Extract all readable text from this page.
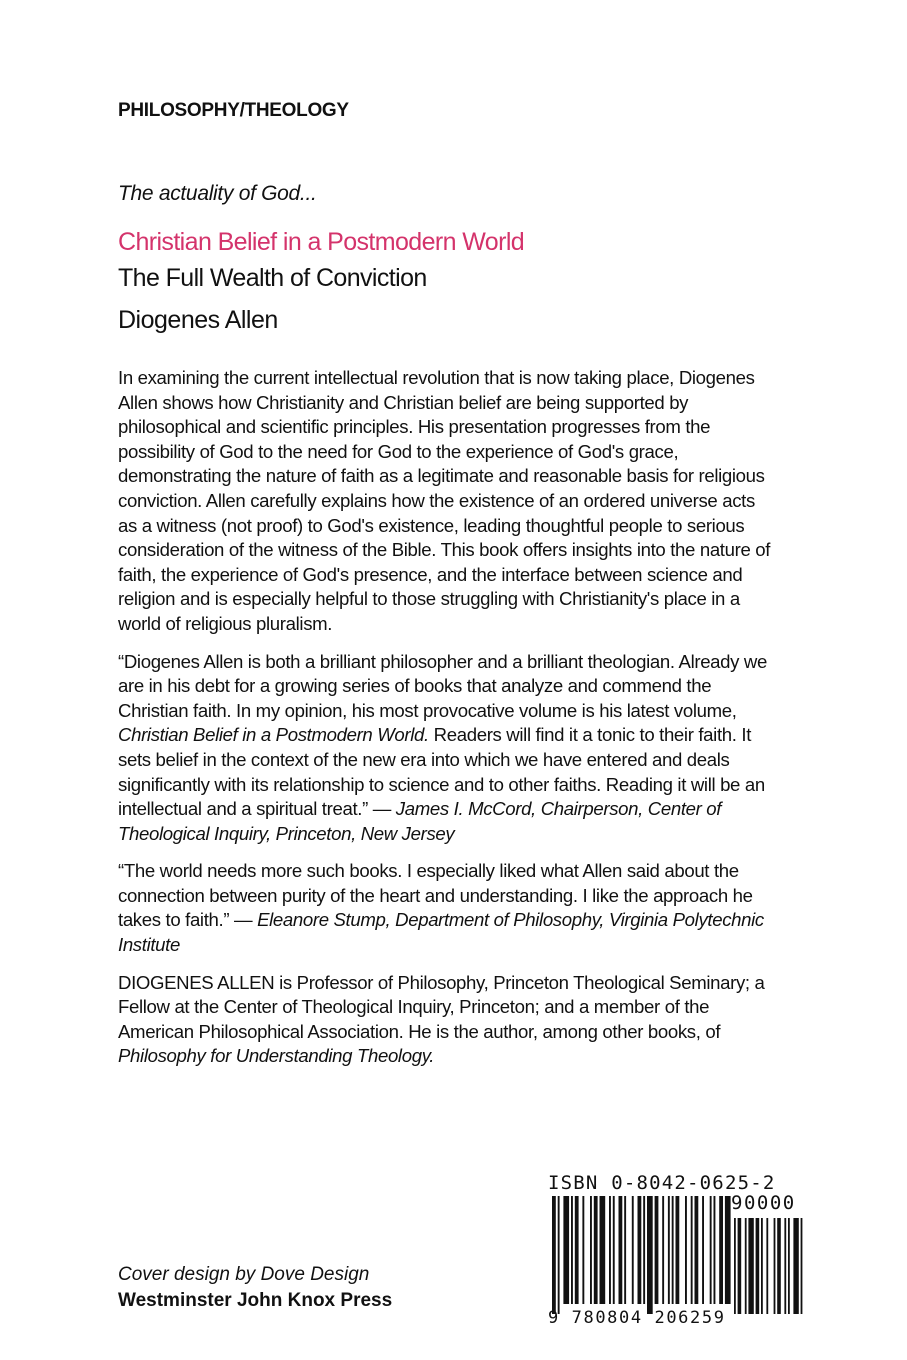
PHILOSOPHY/THEOLOGY
The actuality of God...
Christian Belief in a Postmodern World
The Full Wealth of Conviction
Diogenes Allen

In examining the current intellectual revolution that is now taking place, Diogenes Allen shows how Christianity and Christian belief are being supported by philosophical and scientific principles. His presentation progresses from the possibility of God to the need for God to the experience of God's grace, demonstrating the nature of faith as a legitimate and reasonable basis for religious conviction. Allen carefully explains how the existence of an ordered universe acts as a witness (not proof) to God's existence, leading thoughtful people to serious consideration of the witness of the Bible. This book offers insights into the nature of faith, the experience of God's presence, and the interface between science and religion and is especially helpful to those struggling with Christianity's place in a world of religious pluralism.

“Diogenes Allen is both a brilliant philosopher and a brilliant theologian. Already we are in his debt for a growing series of books that analyze and commend the Christian faith. In my opinion, his most provocative volume is his latest volume, Christian Belief in a Postmodern World. Readers will find it a tonic to their faith. It sets belief in the context of the new era into which we have entered and deals significantly with its relationship to science and to other faiths. Reading it will be an intellectual and a spiritual treat.” — James I. McCord, Chairperson, Center of Theological Inquiry, Princeton, New Jersey

“The world needs more such books. I especially liked what Allen said about the connection between purity of the heart and understanding. I like the approach he takes to faith.” — Eleanore Stump, Department of Philosophy, Virginia Polytechnic Institute

DIOGENES ALLEN is Professor of Philosophy, Princeton Theological Seminary; a Fellow at the Center of Theological Inquiry, Princeton; and a member of the American Philosophical Association. He is the author, among other books, of Philosophy for Understanding Theology.

ISBN 0-8042-0625-2
90000
9 780804 206259
Cover design by Dove Design
Westminster John Knox Press
